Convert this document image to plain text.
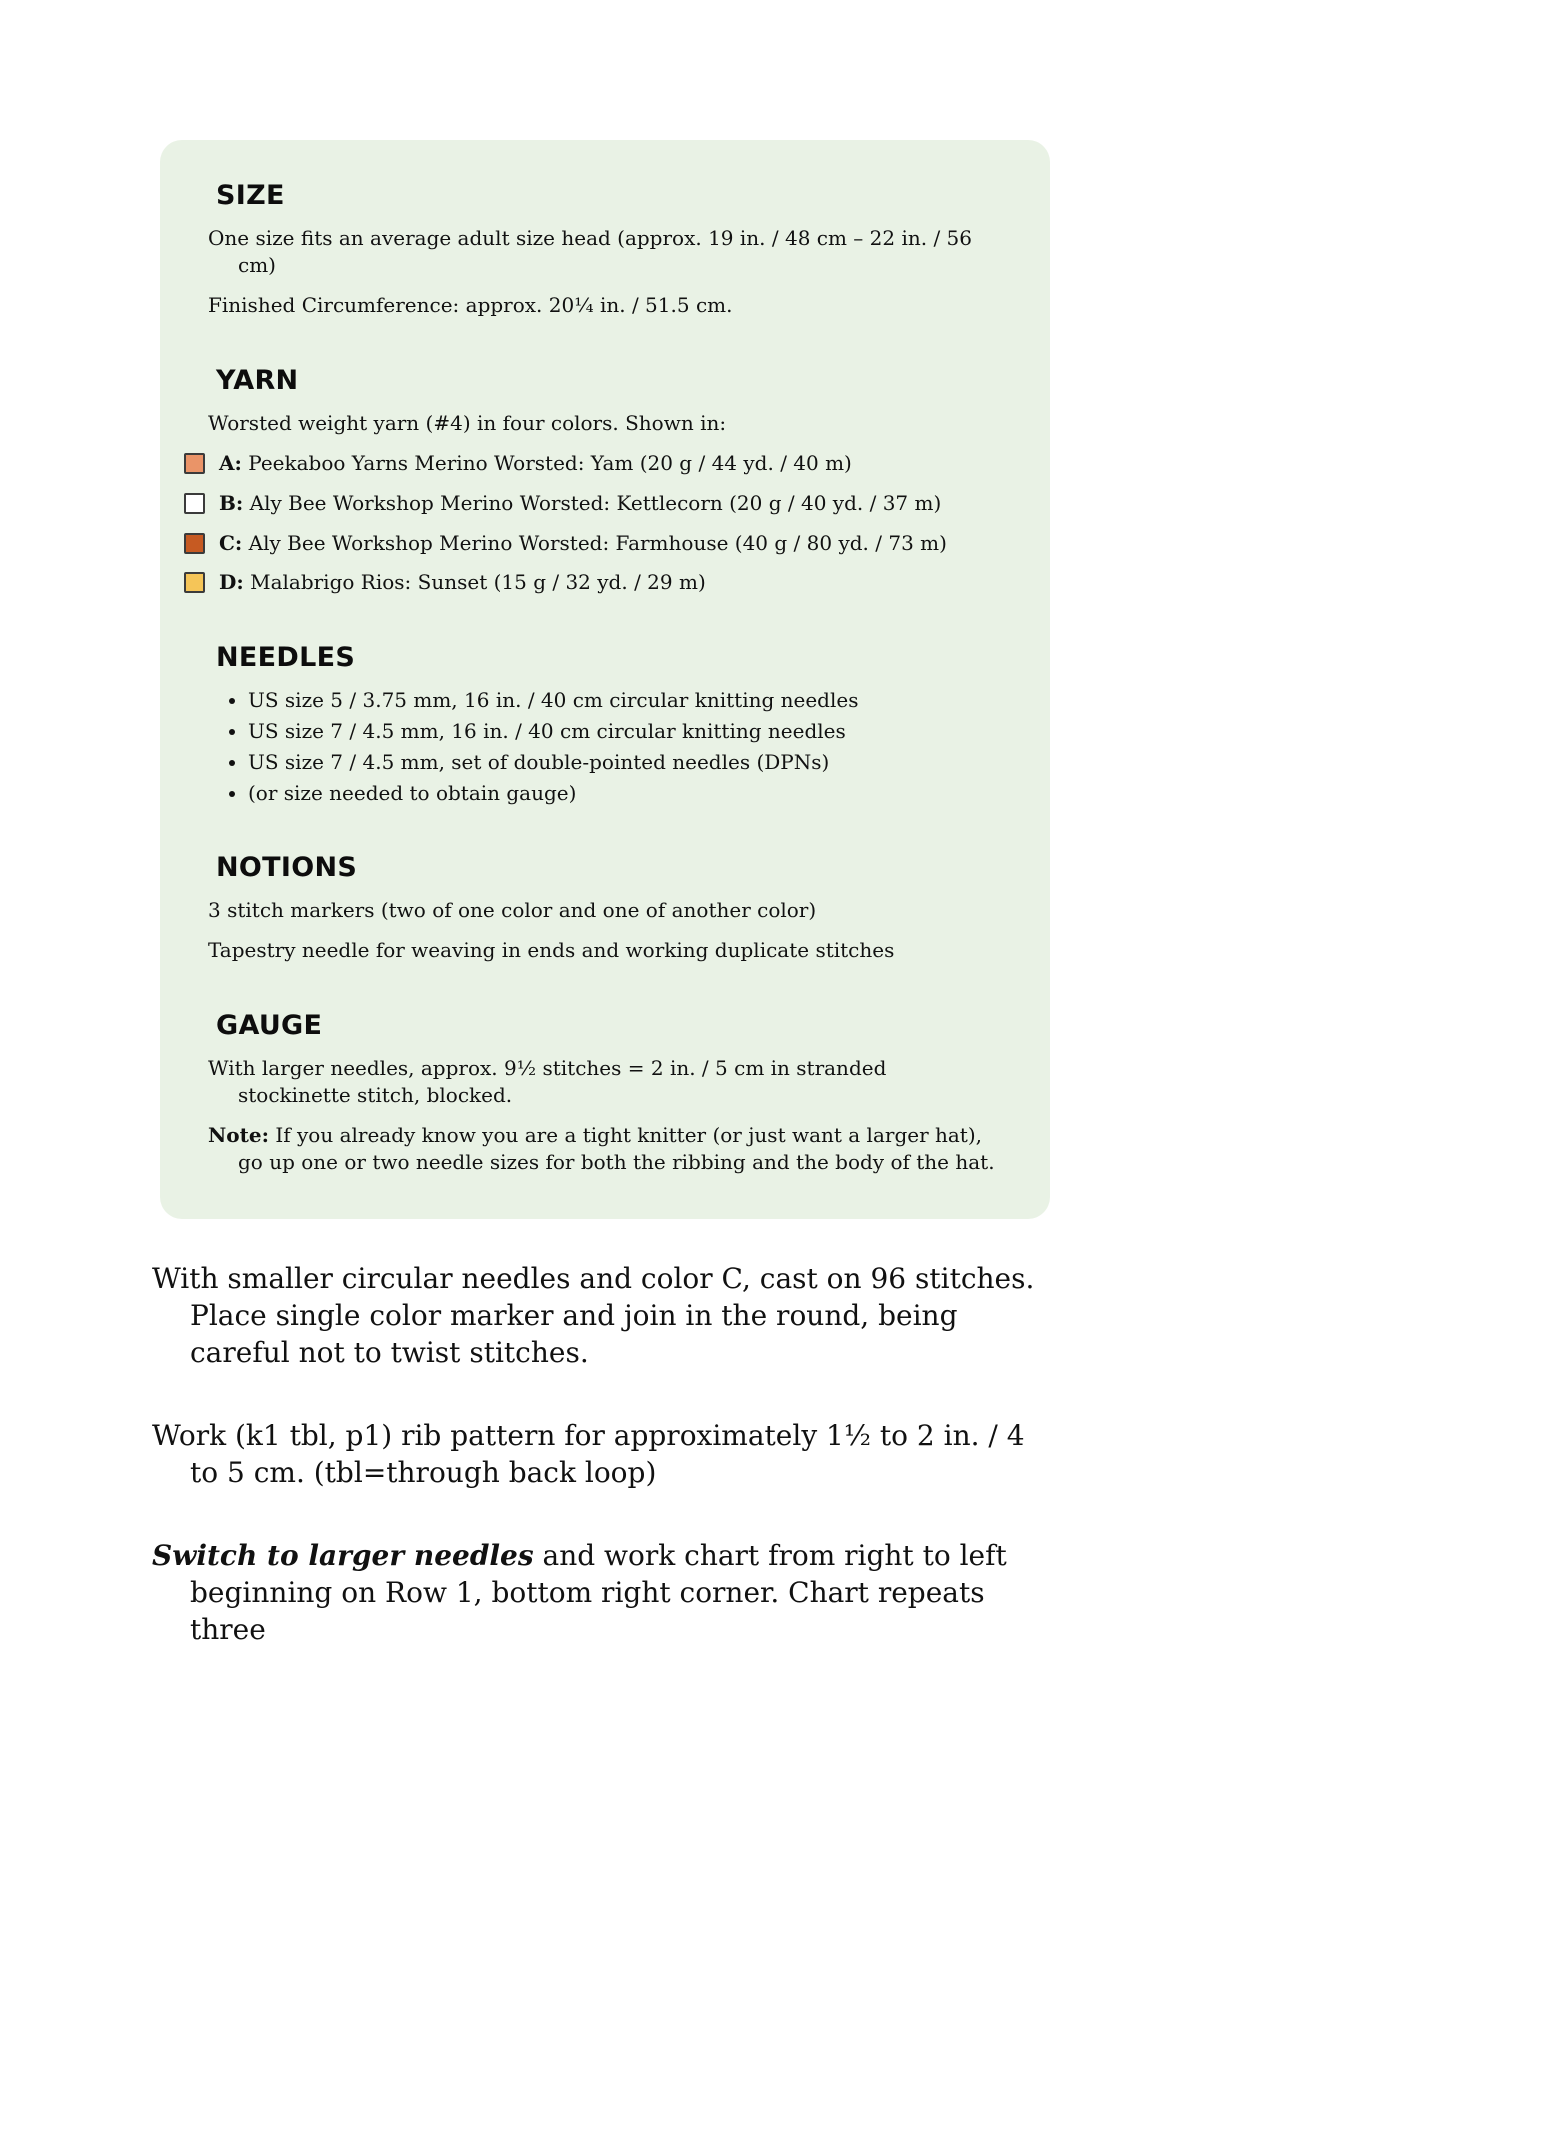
SIZE

One size fits an average adult size head (approx. 19 in. / 48 cm – 22 in. / 56 cm)

Finished Circumference: approx. 20¼ in. / 51.5 cm.

YARN

Worsted weight yarn (#4) in four colors. Shown in:

A: Peekaboo Yarns Merino Worsted: Yam (20 g / 44 yd. / 40 m)
B: Aly Bee Workshop Merino Worsted: Kettlecorn (20 g / 40 yd. / 37 m)
C: Aly Bee Workshop Merino Worsted: Farmhouse (40 g / 80 yd. / 73 m)
D: Malabrigo Rios: Sunset (15 g / 32 yd. / 29 m)
NEEDLES
• US size 5 / 3.75 mm, 16 in. / 40 cm circular knitting needles
• US size 7 / 4.5 mm, 16 in. / 40 cm circular knitting needles
• US size 7 / 4.5 mm, set of double-pointed needles (DPNs)
• (or size needed to obtain gauge)
NOTIONS

3 stitch markers (two of one color and one of another color)

Tapestry needle for weaving in ends and working duplicate stitches

GAUGE

With larger needles, approx. 9½ stitches = 2 in. / 5 cm in stranded stockinette stitch, blocked.

Note: If you already know you are a tight knitter (or just want a larger hat), go up one or two needle sizes for both the ribbing and the body of the hat.

With smaller circular needles and color C, cast on 96 stitches. Place single color marker and join in the round, being careful not to twist stitches.

Work (k1 tbl, p1) rib pattern for approximately 1½ to 2 in. / 4 to 5 cm. (tbl=through back loop)

Switch to larger needles and work chart from right to left beginning on Row 1, bottom right corner. Chart repeats three
